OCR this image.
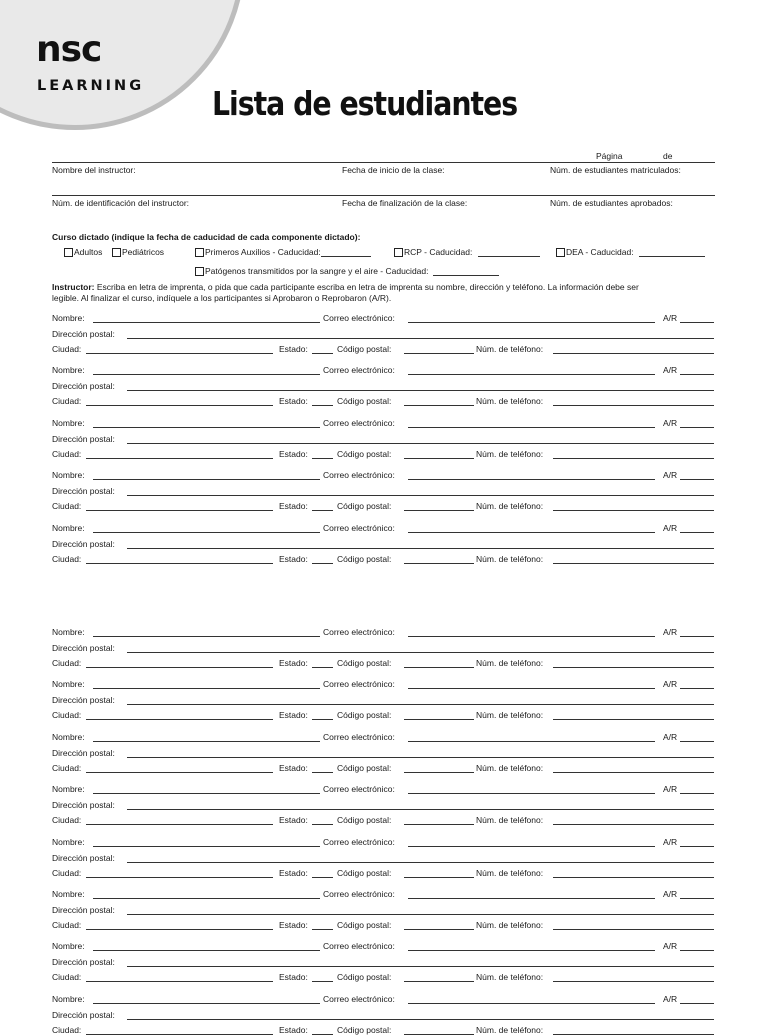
nsc
LEARNING Lista de estudiantes
Página	de
Nombre del instructor:	Fecha de inicio de la clase:	Núm. de estudiantes matriculados:
Núm. de identificación del instructor:	Fecha de finalización de la clase:	Núm. de estudiantes aprobados:
Curso dictado (indique la fecha de caducidad de cada componente dictado):
Adultos	Pediátricos	Primeros Auxilios - Caducidad:	RCP - Caducidad:	DEA - Caducidad:
Patógenos transmitidos por la sangre y el aire - Caducidad:
Instructor: Escriba en letra de imprenta, o pida que cada participante escriba en letra de imprenta su nombre, dirección y teléfono. La información debe ser
legible. Al finalizar el curso, indíquele a los participantes si Aprobaron o Reprobaron (A/R).
Nombre:	Correo electrónico:	A/R
Dirección postal:
Ciudad:	Estado:	Código postal:	Núm. de teléfono:
Nombre:	Correo electrónico:	A/R
Dirección postal:
Ciudad:	Estado:	Código postal:	Núm. de teléfono:
Nombre:	Correo electrónico:	A/R
Dirección postal:
Ciudad:	Estado:	Código postal:	Núm. de teléfono:
Nombre:	Correo electrónico:	A/R
Dirección postal:
Ciudad:	Estado:	Código postal:	Núm. de teléfono:
Nombre:	Correo electrónico:	A/R
Dirección postal:
Ciudad:	Estado:	Código postal:	Núm. de teléfono:
Nombre:	Correo electrónico:	A/R
Dirección postal:
Ciudad:	Estado:	Código postal:	Núm. de teléfono:
Nombre:	Correo electrónico:	A/R
Dirección postal:
Ciudad:	Estado:	Código postal:	Núm. de teléfono:
Nombre:	Correo electrónico:	A/R
Dirección postal:
Ciudad:	Estado:	Código postal:	Núm. de teléfono:
Nombre:	Correo electrónico:	A/R
Dirección postal:
Ciudad:	Estado:	Código postal:	Núm. de teléfono:
Nombre:	Correo electrónico:	A/R
Dirección postal:
Ciudad:	Estado:	Código postal:	Núm. de teléfono:
Nombre:	Correo electrónico:	A/R
Dirección postal:
Ciudad:	Estado:	Código postal:	Núm. de teléfono:
Nombre:	Correo electrónico:	A/R
Dirección postal:
Ciudad:	Estado:	Código postal:	Núm. de teléfono:
Nombre:	Correo electrónico:	A/R
Dirección postal:
Ciudad:	Estado:	Código postal:	Núm. de teléfono:
